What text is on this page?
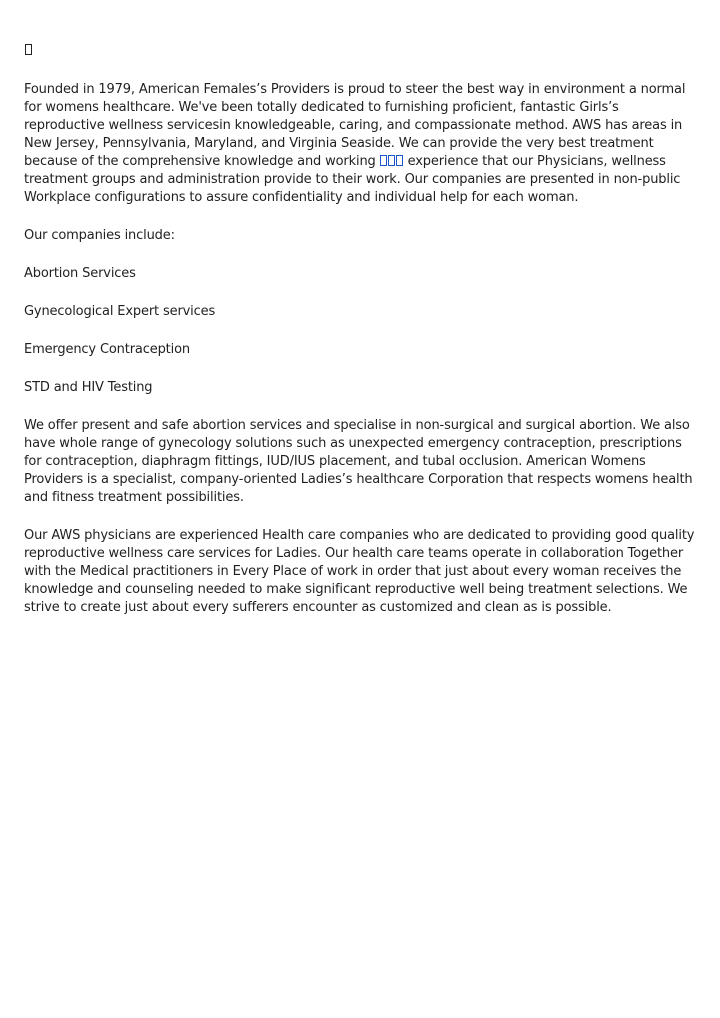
Founded in 1979, American Females’s Providers is proud to steer the best way in environment a normal for womens healthcare. We've been totally dedicated to furnishing proficient, fantastic Girls’s reproductive wellness servicesin knowledgeable, caring, and compassionate method. AWS has areas in New Jersey, Pennsylvania, Maryland, and Virginia Seaside. We can provide the very best treatment because of the comprehensive knowledge and working experience that our Physicians, wellness treatment groups and administration provide to their work. Our companies are presented in non-public Workplace configurations to assure confidentiality and individual help for each woman.

Our companies include:

Abortion Services

Gynecological Expert services

Emergency Contraception

STD and HIV Testing

We offer present and safe abortion services and specialise in non-surgical and surgical abortion. We also have whole range of gynecology solutions such as unexpected emergency contraception, prescriptions for contraception, diaphragm fittings, IUD/IUS placement, and tubal occlusion. American Womens Providers is a specialist, company-oriented Ladies’s healthcare Corporation that respects womens health and fitness treatment possibilities.

Our AWS physicians are experienced Health care companies who are dedicated to providing good quality reproductive wellness care services for Ladies. Our health care teams operate in collaboration Together with the Medical practitioners in Every Place of work in order that just about every woman receives the knowledge and counseling needed to make significant reproductive well being treatment selections. We strive to create just about every sufferers encounter as customized and clean as is possible.
